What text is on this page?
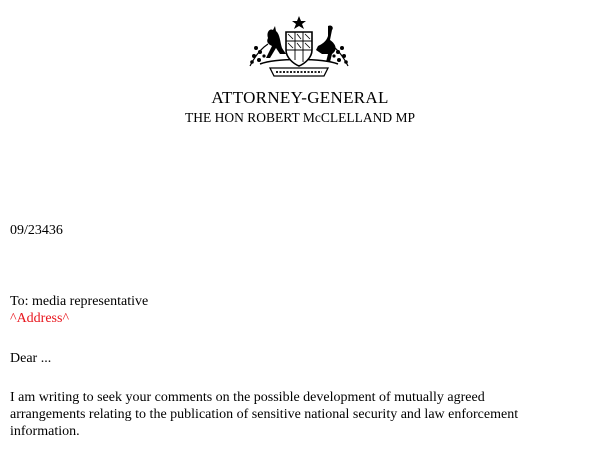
ATTORNEY-GENERAL
THE HON ROBERT McCLELLAND MP
09/23436
To: media representative
^Address^
Dear ...
I am writing to seek your comments on the possible development of mutually agreed
arrangements relating to the publication of sensitive national security and law enforcement
information.
